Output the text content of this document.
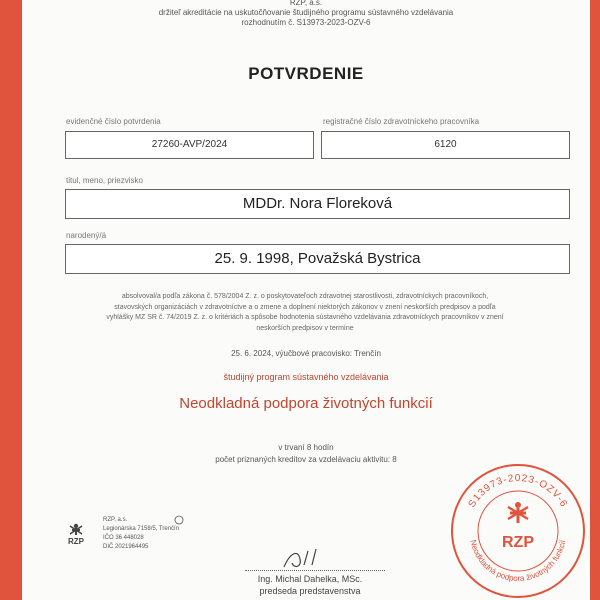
RZP, a.s.
držiteľ akreditácie na uskutočňovanie študijného programu sústavného vzdelávania
rozhodnutím č. S13973-2023-OZV-6
POTVRDENIE
evidenčné číslo potvrdenia
27260-AVP/2024
registračné číslo zdravotníckeho pracovníka
6120
titul, meno, priezvisko
MDDr. Nora Floreková
narodený/á
25. 9. 1998, Považská Bystrica
absolvoval/a podľa zákona č. 578/2004 Z. z. o poskytovateľoch zdravotnej starostlivosti, zdravotníckych pracovníkoch,
stavovských organizáciách v zdravotníctve a o zmene a doplnení niektorých zákonov v znení neskorších predpisov a podľa
vyhlášky MZ SR č. 74/2019 Z. z. o kritériách a spôsobe hodnotenia sústavného vzdelávania zdravotníckych pracovníkov v znení
neskorších predpisov v termíne
25. 6. 2024, výučbové pracovisko: Trenčín
študijný program sústavného vzdelávania
Neodkladná podpora životných funkcií
v trvaní 8 hodín
počet priznaných kreditov za vzdelávaciu aktivitu: 8
RZP
RZP, a.s.
Legionárska 7158/5, Trenčín
IČO 36 448028
DIČ 2021964495
Ing. Michal Dahelka, MSc.
predseda predstavenstva
S13973-2023-OZV-6
Neodkladná podpora životných funkcií
RZP
